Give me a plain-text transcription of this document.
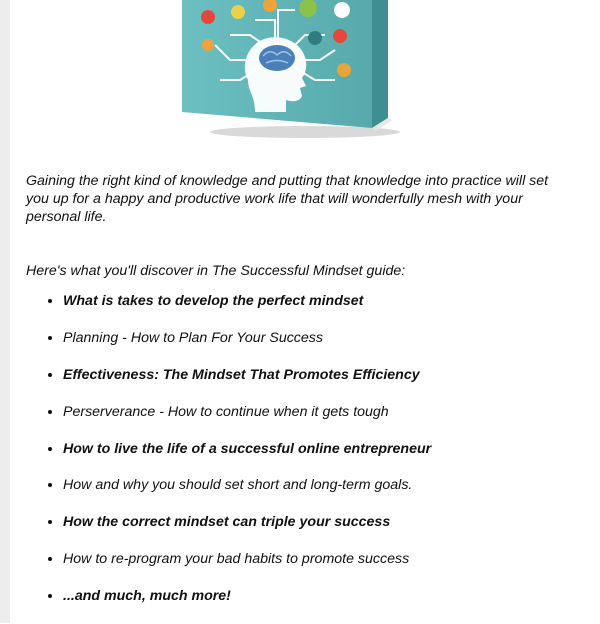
Gaining the right kind of knowledge and putting that knowledge into practice will set you up for a happy and productive work life that will wonderfully mesh with your personal life.

Here's what you'll discover in The Successful Mindset guide:

• What is takes to develop the perfect mindset
• Planning - How to Plan For Your Success
• Effectiveness: The Mindset That Promotes Efficiency
• Perserverance - How to continue when it gets tough
• How to live the life of a successful online entrepreneur
• How and why you should set short and long-term goals.
• How the correct mindset can triple your success
• How to re-program your bad habits to promote success
• ...and much, much more!
